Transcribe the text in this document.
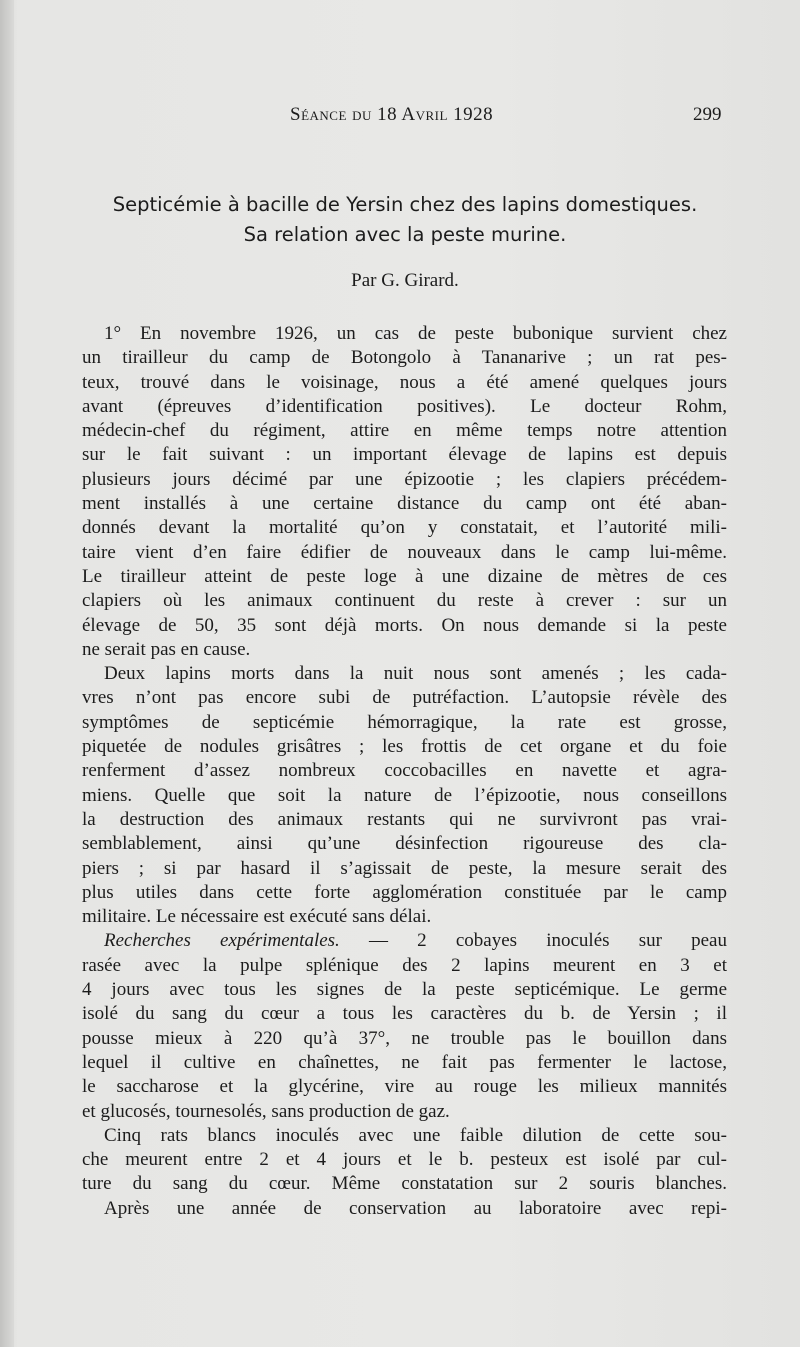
Séance du 18 Avril 1928	299
Septicémie à bacille de Yersin chez des lapins domestiques.
Sa relation avec la peste murine.
Par G. Girard.
1° En novembre 1926, un cas de peste bubonique survient chez
un tirailleur du camp de Botongolo à Tananarive ; un rat pes-
teux, trouvé dans le voisinage, nous a été amené quelques jours
avant (épreuves d’identification positives). Le docteur Rohm,
médecin-chef du régiment, attire en même temps notre attention
sur le fait suivant : un important élevage de lapins est depuis
plusieurs jours décimé par une épizootie ; les clapiers précédem-
ment installés à une certaine distance du camp ont été aban-
donnés devant la mortalité qu’on y constatait, et l’autorité mili-
taire vient d’en faire édifier de nouveaux dans le camp lui-même.
Le tirailleur atteint de peste loge à une dizaine de mètres de ces
clapiers où les animaux continuent du reste à crever : sur un
élevage de 50, 35 sont déjà morts. On nous demande si la peste
ne serait pas en cause.
Deux lapins morts dans la nuit nous sont amenés ; les cada-
vres n’ont pas encore subi de putréfaction. L’autopsie révèle des
symptômes de septicémie hémorragique, la rate est grosse,
piquetée de nodules grisâtres ; les frottis de cet organe et du foie
renferment d’assez nombreux coccobacilles en navette et agra-
miens. Quelle que soit la nature de l’épizootie, nous conseillons
la destruction des animaux restants qui ne survivront pas vrai-
semblablement, ainsi qu’une désinfection rigoureuse des cla-
piers ; si par hasard il s’agissait de peste, la mesure serait des
plus utiles dans cette forte agglomération constituée par le camp
militaire. Le nécessaire est exécuté sans délai.
Recherches expérimentales. — 2 cobayes inoculés sur peau
rasée avec la pulpe splénique des 2 lapins meurent en 3 et
4 jours avec tous les signes de la peste septicémique. Le germe
isolé du sang du cœur a tous les caractères du b. de Yersin ; il
pousse mieux à 220 qu’à 37°, ne trouble pas le bouillon dans
lequel il cultive en chaînettes, ne fait pas fermenter le lactose,
le saccharose et la glycérine, vire au rouge les milieux mannités
et glucosés, tournesolés, sans production de gaz.
Cinq rats blancs inoculés avec une faible dilution de cette sou-
che meurent entre 2 et 4 jours et le b. pesteux est isolé par cul-
ture du sang du cœur. Même constatation sur 2 souris blanches.
Après une année de conservation au laboratoire avec repi-
